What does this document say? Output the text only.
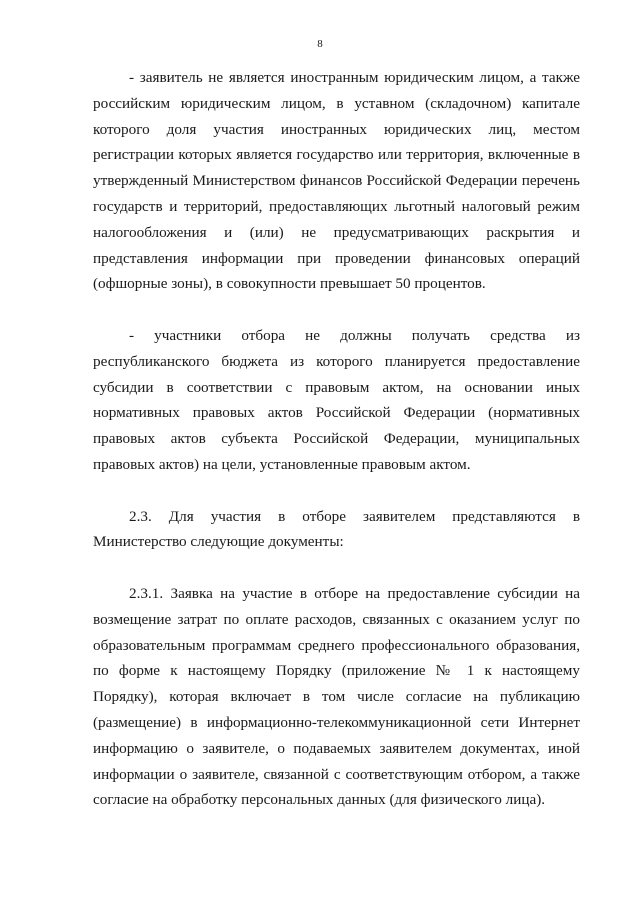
8

- заявитель не является иностранным юридическим лицом, а также российским юридическим лицом, в уставном (складочном) капитале которого доля участия иностранных юридических лиц, местом регистрации которых является государство или территория, включенные в утвержденный Министерством финансов Российской Федерации перечень государств и территорий, предоставляющих льготный налоговый режим налогообложения и (или) не предусматривающих раскрытия и представления информации при проведении финансовых операций (офшорные зоны), в совокупности превышает 50 процентов.

- участники отбора не должны получать средства из республиканского бюджета из которого планируется предоставление субсидии в соответствии с правовым актом, на основании иных нормативных правовых актов Российской Федерации (нормативных правовых актов субъекта Российской Федерации, муниципальных правовых актов) на цели, установленные правовым актом.

2.3. Для участия в отборе заявителем представляются в Министерство следующие документы:

2.3.1. Заявка на участие в отборе на предоставление субсидии на возмещение затрат по оплате расходов, связанных с оказанием услуг по образовательным программам среднего профессионального образования, по форме к настоящему Порядку (приложение № 1 к настоящему Порядку), которая включает в том числе согласие на публикацию (размещение) в информационно-телекоммуникационной сети Интернет информацию о заявителе, о подаваемых заявителем документах, иной информации о заявителе, связанной с соответствующим отбором, а также согласие на обработку персональных данных (для физического лица).
